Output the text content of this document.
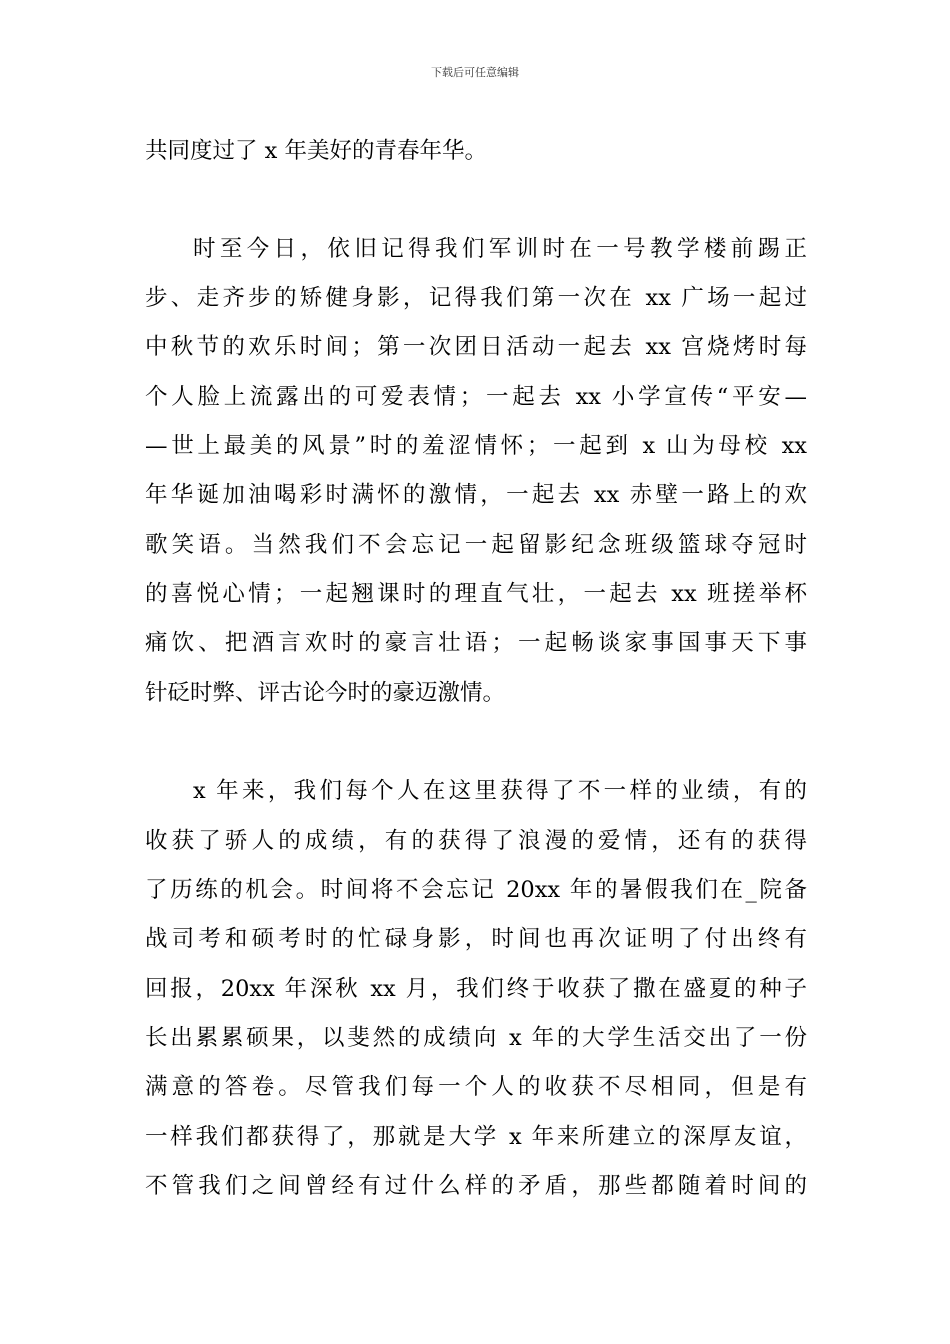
下载后可任意编辑
共同度过了 x 年美好的青春年华。
时至今日，依旧记得我们军训时在一号教学楼前踢正
步、走齐步的矫健身影，记得我们第一次在 xx 广场一起过
中秋节的欢乐时间；第一次团日活动一起去 xx 宫烧烤时每
个人脸上流露出的可爱表情；一起去 xx 小学宣传“平安—
—世上最美的风景”时的羞涩情怀；一起到 x 山为母校 xx
年华诞加油喝彩时满怀的激情，一起去 xx 赤壁一路上的欢
歌笑语。当然我们不会忘记一起留影纪念班级篮球夺冠时
的喜悦心情；一起翘课时的理直气壮，一起去 xx 班搓举杯
痛饮、把酒言欢时的豪言壮语；一起畅谈家事国事天下事
针砭时弊、评古论今时的豪迈激情。
x 年来，我们每个人在这里获得了不一样的业绩，有的
收获了骄人的成绩，有的获得了浪漫的爱情，还有的获得
了历练的机会。时间将不会忘记 20xx 年的暑假我们在_院备
战司考和硕考时的忙碌身影，时间也再次证明了付出终有
回报，20xx 年深秋 xx 月，我们终于收获了撒在盛夏的种子
长出累累硕果，以斐然的成绩向 x 年的大学生活交出了一份
满意的答卷。尽管我们每一个人的收获不尽相同，但是有
一样我们都获得了，那就是大学 x 年来所建立的深厚友谊，
不管我们之间曾经有过什么样的矛盾，那些都随着时间的
